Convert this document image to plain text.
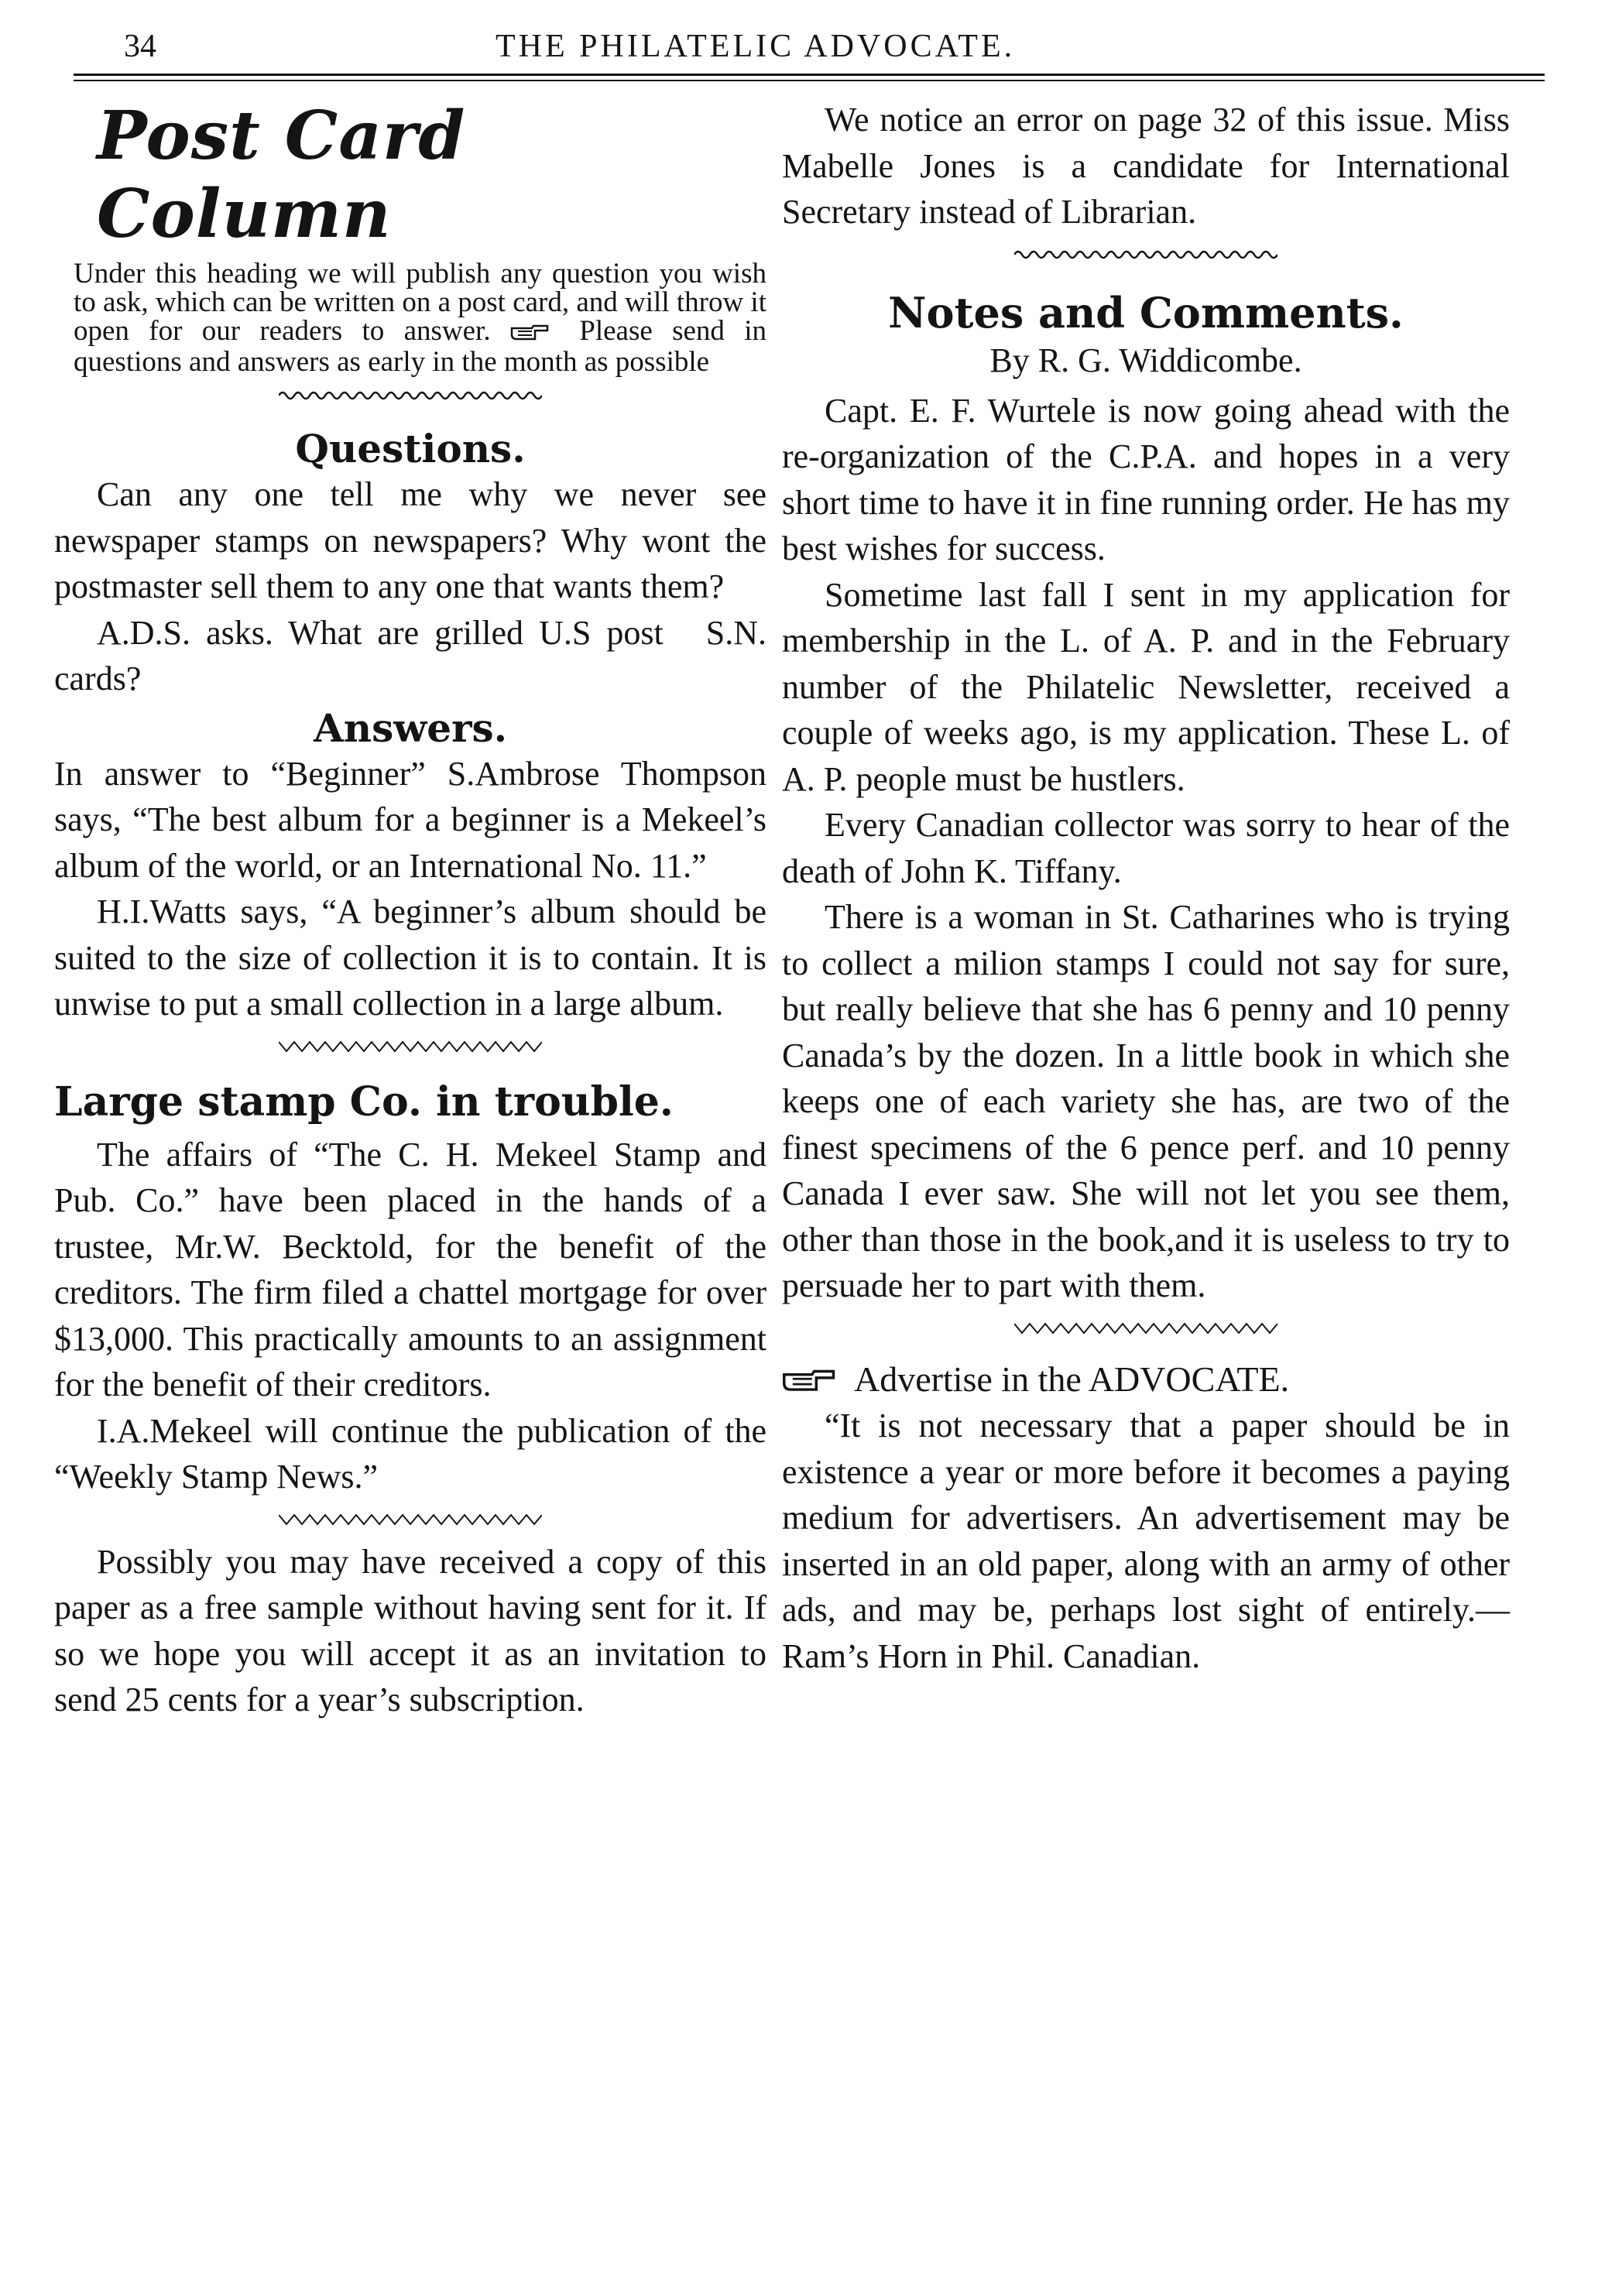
34	THE PHILATELIC ADVOCATE.
Post Card Column

Under this heading we will publish any question you wish to ask, which can be written on a post card, and will throw it open for our readers to answer.	Please send in questions and answers as early in the month as possible

Questions.

Can any one tell me why we never see newspaper stamps on newspapers? Why wont the postmaster sell them to any one that wants them?
S.N.

A.D.S. asks. What are grilled U.S post cards?

Answers.

In answer to “Beginner” S.Ambrose Thompson says, “The best album for a beginner is a Mekeel’s album of the world, or an International No. 11.”

H.I.Watts says, “A beginner’s album should be suited to the size of collection it is to contain. It is unwise to put a small collection in a large album.

Large stamp Co. in trouble.

The affairs of “The C. H. Mekeel Stamp and Pub. Co.” have been placed in the hands of a trustee, Mr.W. Becktold, for the benefit of the creditors. The firm filed a chattel mortgage for over $13,000. This practically amounts to an assignment for the benefit of their creditors.

I.A.Mekeel will continue the publication of the “Weekly Stamp News.”

Possibly you may have received a copy of this paper as a free sample without having sent for it. If so we hope you will accept it as an invitation to send 25 cents for a year’s subscription.

We notice an error on page 32 of this issue. Miss Mabelle Jones is a candidate for International Secretary instead of Librarian.

Notes and Comments.
By R. G. Widdicombe.

Capt. E. F. Wurtele is now going ahead with the re-organization of the C.P.A. and hopes in a very short time to have it in fine running order. He has my best wishes for success.

Sometime last fall I sent in my application for membership in the L. of A. P. and in the February number of the Philatelic Newsletter, received a couple of weeks ago, is my application. These L. of A. P. people must be hustlers.

Every Canadian collector was sorry to hear of the death of John K. Tiffany.

There is a woman in St. Catharines who is trying to collect a milion stamps I could not say for sure, but really believe that she has 6 penny and 10 penny Canada’s by the dozen. In a little book in which she keeps one of each variety she has, are two of the finest specimens of the 6 pence perf. and 10 penny Canada I ever saw. She will not let you see them, other than those in the book,and it is useless to try to persuade her to part with them.

Advertise in the ADVOCATE.

“It is not necessary that a paper should be in existence a year or more before it becomes a paying medium for advertisers. An advertisement may be inserted in an old paper, along with an army of other ads, and may be, perhaps lost sight of entirely.—Ram’s Horn in Phil. Canadian.
